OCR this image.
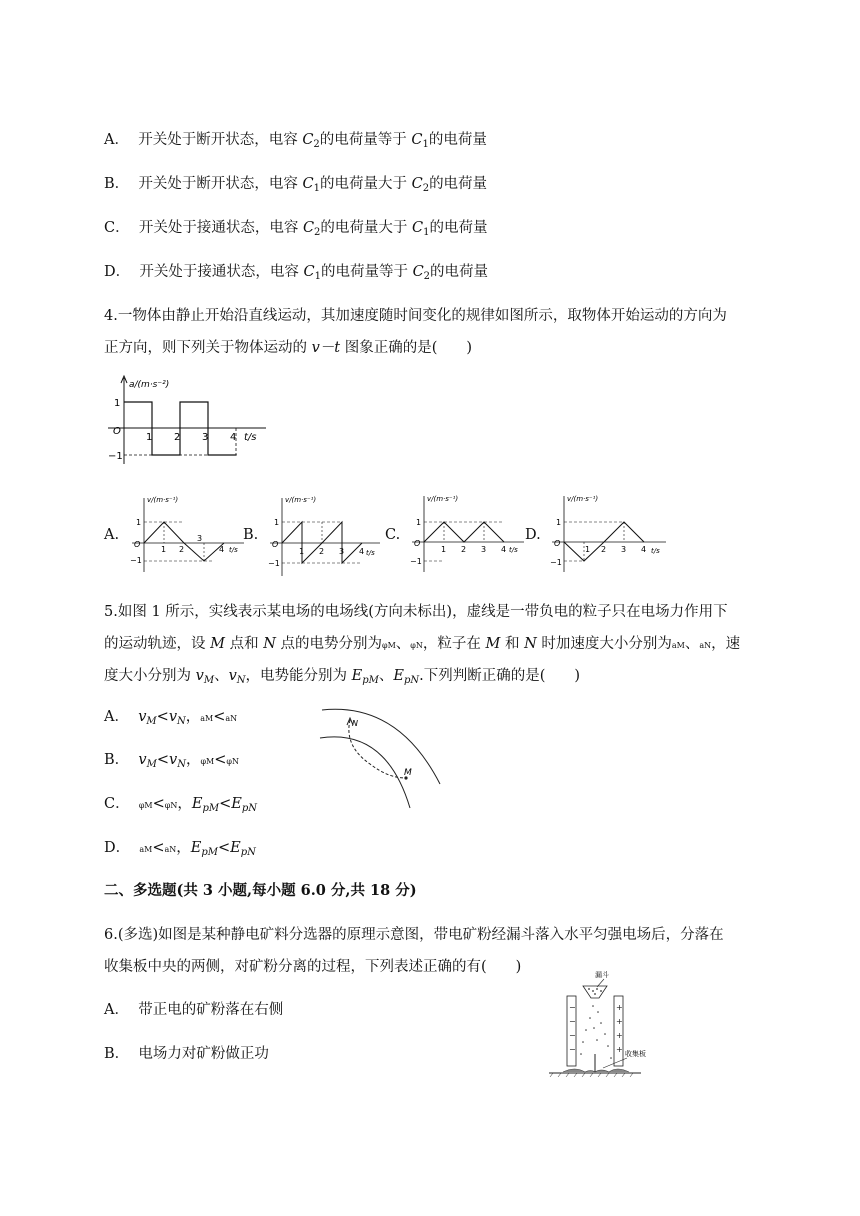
A． 开关处于断开状态，电容 $C_2$的电荷量等于 $C_1$的电荷量
B． 开关处于断开状态，电容 $C_1$的电荷量大于 $C_2$的电荷量
C． 开关处于接通状态，电容 $C_2$的电荷量大于 $C_1$的电荷量
D． 开关处于接通状态，电容 $C_1$的电荷量等于 $C_2$的电荷量
4.一物体由静止开始沿直线运动，其加速度随时间变化的规律如图所示，取物体开始运动的方向为
正方向，则下列关于物体运动的 v－t 图象正确的是(　　)
a/(m·s⁻²)
O
1
−1
1 2 3 4 t/s
A.
v/(m·s⁻¹)
O
t/s
1
−1
1 2
3
4
B.
v/(m·s⁻¹)
O
t/s
1
−1
1 2 3 4
C.
v/(m·s⁻¹)
O
t/s
1
−1
1 2 3 4
D.
v/(m·s⁻¹)
O
t/s
1
−1
1 2 3 4
5.如图 1 所示，实线表示某电场的电场线(方向未标出)，虚线是一带负电的粒子只在电场力作用下
的运动轨迹，设 M 点和 N 点的电势分别为φM、φN，粒子在 M 和 N 时加速度大小分别为aM、aN，速
度大小分别为 $v_M$、$v_N$，电势能分别为 $E_{pM}$、$E_{pN}$.下列判断正确的是(　　)
A． $v_M<v_N$，aM<aN
B． $v_M<v_N$，φM<φN
C． φM<φN，$E_{pM}<E_{pN}$
D． aM<aN，$E_{pM}<E_{pN}$
N
M
二、多选题(共 3 小题,每小题 6.0 分,共 18 分)
6.(多选)如图是某种静电矿料分选器的原理示意图，带电矿粉经漏斗落入水平匀强电场后，分落在
收集板中央的两侧，对矿粉分离的过程，下列表述正确的有(　　)
A． 带正电的矿粉落在右侧
B． 电场力对矿粉做正功
漏斗
−
−
−
−
+
+
+
+ 收集板
